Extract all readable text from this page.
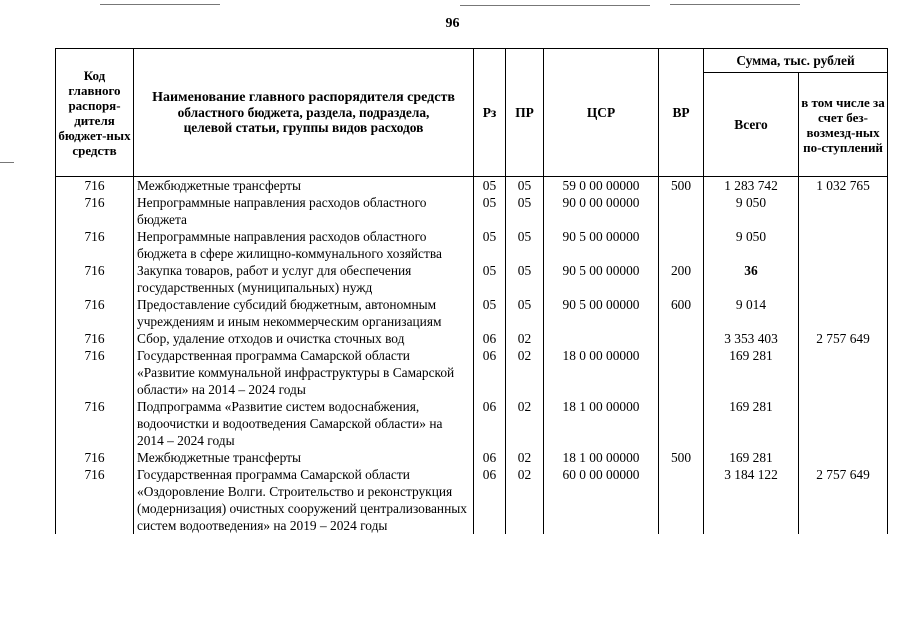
96
Код главного распоря-дителя бюджет-ных средств	Наименование главного распорядителя средств
областного бюджета, раздела, подраздела,
целевой статьи, группы видов расходов	Рз	ПР	ЦСР	ВР	Сумма, тыс. рублей	
						Всего	в том числе за счет без-возмезд-ных по-ступлений
716	Межбюджетные трансферты	05	05	59 0 00 00000	500	1 283 742	1 032 765
716	Непрограммные направления расходов областного бюджета	05	05	90 0 00 00000		9 050	
716	Непрограммные направления расходов областного бюджета в сфере жилищно-коммунального хозяйства	05	05	90 5 00 00000		9 050	
716	Закупка товаров, работ и услуг для обеспечения государственных (муниципальных) нужд	05	05	90 5 00 00000	200	36	
716	Предоставление субсидий бюджетным, автономным учреждениям и иным некоммерческим организациям	05	05	90 5 00 00000	600	9 014	
716	Сбор, удаление отходов и очистка сточных вод	06	02			3 353 403	2 757 649
716	Государственная программа Самарской области «Развитие коммунальной инфраструктуры в Самарской области» на 2014 – 2024 годы	06	02	18 0 00 00000		169 281	
716	Подпрограмма «Развитие систем водоснабжения, водоочистки и водоотведения Самарской области» на 2014 – 2024 годы	06	02	18 1 00 00000		169 281	
716	Межбюджетные трансферты	06	02	18 1 00 00000	500	169 281	
716	Государственная программа Самарской области «Оздоровление Волги. Строительство и реконструкция (модернизация) очистных сооружений централизованных систем водоотведения» на 2019 – 2024 годы	06	02	60 0 00 00000		3 184 122	2 757 649
